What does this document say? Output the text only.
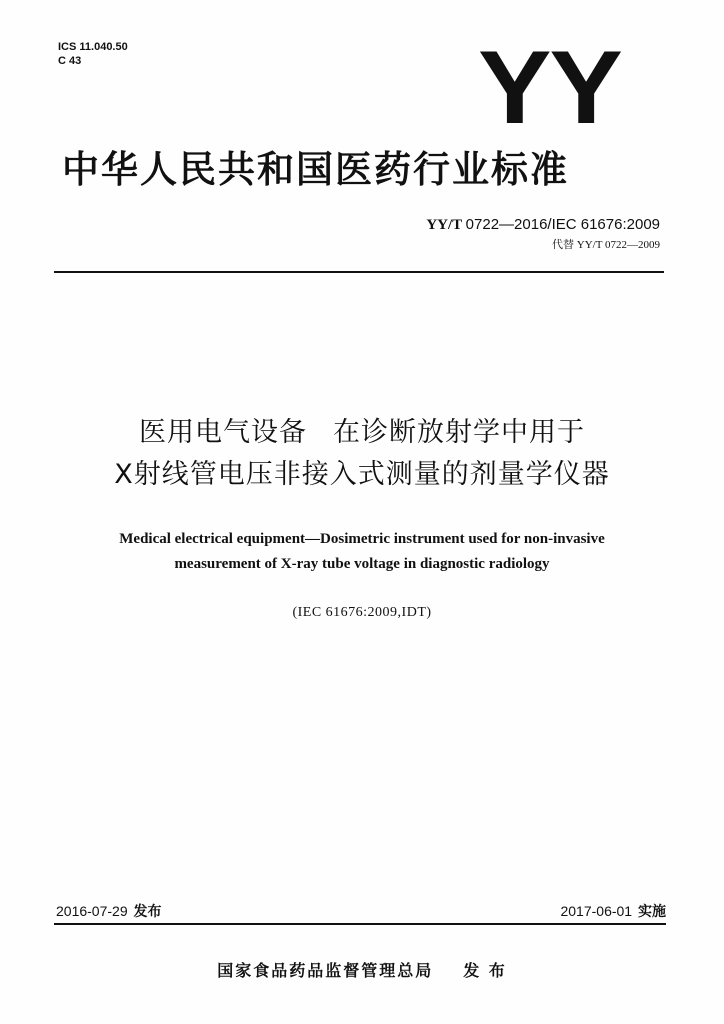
ICS 11.040.50
C 43	YY
中华人民共和国医药行业标准
YY/T 0722—2016/IEC 61676:2009
代替 YY/T 0722—2009
医用电气设备 在诊断放射学中用于
X射线管电压非接入式测量的剂量学仪器
Medical electrical equipment—Dosimetric instrument used for non-invasive
measurement of X-ray tube voltage in diagnostic radiology
(IEC 61676:2009,IDT)
2016-07-29 发布	2017-06-01 实施
国家食品药品监督管理总局 发 布
